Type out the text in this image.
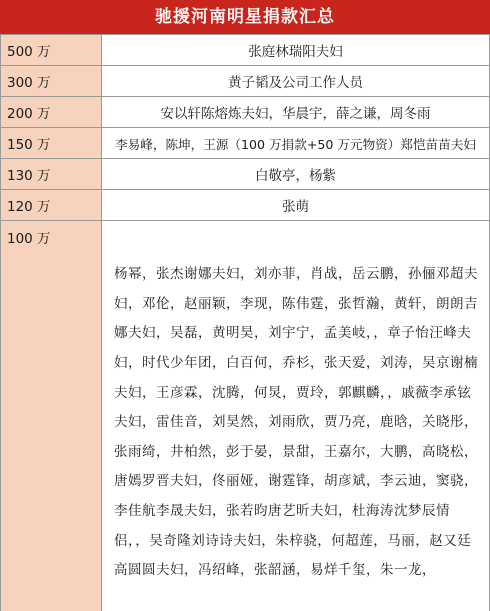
驰援河南明星捐款汇总
500 万	张庭林瑞阳夫妇
300 万	黄子韬及公司工作人员
200 万	安以轩陈熔炼夫妇，华晨宇，薛之谦，周冬雨
150 万	李易峰，陈坤，王源（100 万捐款+50 万元物资）郑恺苗苗夫妇
130 万	白敬亭，杨紫
120 万	张萌
100 万	杨幂，张杰谢娜夫妇，刘亦菲，肖战，岳云鹏，孙俪邓超夫妇，邓伦，赵丽颖，李现，陈伟霆，张哲瀚，黄轩，朗朗吉娜夫妇，吴磊，黄明昊，刘宇宁，孟美岐，，章子怡汪峰夫妇，时代少年团，白百何，乔杉，张天爱，刘涛，吴京谢楠夫妇，王彦霖，沈腾，何炅，贾玲，郭麒麟，，戚薇李承铉夫妇，雷佳音，刘昊然，刘雨欣，贾乃亮，鹿晗，关晓彤，张雨绮，井柏然，彭于晏，景甜，王嘉尔，大鹏，高晓松，唐嫣罗晋夫妇，佟丽娅，谢霆锋，胡彦斌，李云迪，窦骁，李佳航李晟夫妇，张若昀唐艺昕夫妇，杜海涛沈梦辰情侣，，吴奇隆刘诗诗夫妇，朱梓骁，何超莲，马丽，赵又廷高圆圆夫妇，冯绍峰，张韶涵，易烊千玺，朱一龙，
